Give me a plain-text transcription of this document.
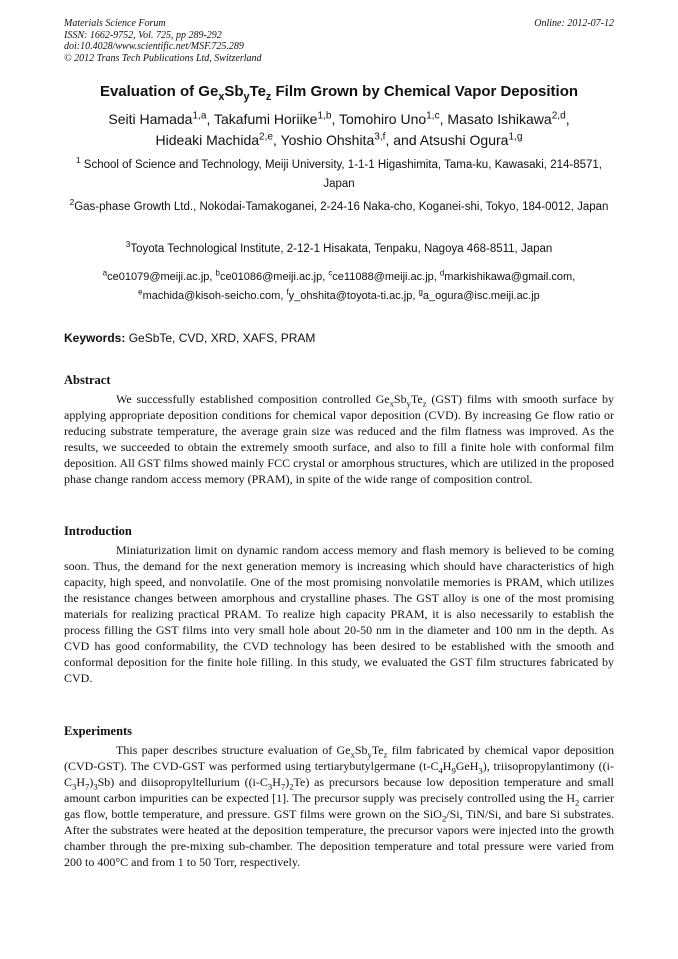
Materials Science Forum
ISSN: 1662-9752, Vol. 725, pp 289-292
doi:10.4028/www.scientific.net/MSF.725.289
© 2012 Trans Tech Publications Ltd, Switzerland
Online: 2012-07-12
Evaluation of $Ge_xSb_yTe_z$ Film Grown by Chemical Vapor Deposition
Seiti Hamada$^{1,a}$, Takafumi Horiike$^{1,b}$, Tomohiro Uno$^{1,c}$, Masato Ishikawa$^{2,d}$,
Hideaki Machida$^{2,e}$, Yoshio Ohshita$^{3,f}$, and Atsushi Ogura$^{1,g}$
$^1$ School of Science and Technology, Meiji University, 1-1-1 Higashimita, Tama-ku, Kawasaki, 214-8571, Japan
$^2$Gas-phase Growth Ltd., Nokodai-Tamakoganei, 2-24-16 Naka-cho, Koganei-shi, Tokyo, 184-0012, Japan
$^3$Toyota Technological Institute, 2-12-1 Hisakata, Tenpaku, Nagoya 468-8511, Japan
$^a$ce01079@meiji.ac.jp, $^b$ce01086@meiji.ac.jp, $^c$ce11088@meiji.ac.jp, $^d$markishikawa@gmail.com,
$^e$machida@kisoh-seicho.com, $^f$y_ohshita@toyota-ti.ac.jp, $^g$a_ogura@isc.meiji.ac.jp
Keywords: GeSbTe, CVD, XRD, XAFS, PRAM
Abstract

We successfully established composition controlled $Ge_xSb_yTe_z$ (GST) films with smooth surface by applying appropriate deposition conditions for chemical vapor deposition (CVD). By increasing Ge flow ratio or reducing substrate temperature, the average grain size was reduced and the film flatness was improved. As the results, we succeeded to obtain the extremely smooth surface, and also to fill a finite hole with conformal film deposition. All GST films showed mainly FCC crystal or amorphous structures, which are utilized in the proposed phase change random access memory (PRAM), in spite of the wide range of composition control.

Introduction

Miniaturization limit on dynamic random access memory and flash memory is believed to be coming soon. Thus, the demand for the next generation memory is increasing which should have characteristics of high capacity, high speed, and nonvolatile. One of the most promising nonvolatile memories is PRAM, which utilizes the resistance changes between amorphous and crystalline phases. The GST alloy is one of the most promising materials for realizing practical PRAM. To realize high capacity PRAM, it is also necessarily to establish the process filling the GST films into very small hole about 20-50 nm in the diameter and 100 nm in the depth. As CVD has good conformability, the CVD technology has been desired to be established with the smooth and conformal deposition for the finite hole filling. In this study, we evaluated the GST film structures fabricated by CVD.

Experiments

This paper describes structure evaluation of $Ge_xSb_yTe_z$ film fabricated by chemical vapor deposition (CVD-GST). The CVD-GST was performed using tertiarybutylgermane $(t-C_4H_9GeH_3)$, triisopropylantimony $((i-C_3H_7)_3Sb)$ and diisopropyltellurium $((i-C_3H_7)_2Te)$ as precursors because low deposition temperature and small amount carbon impurities can be expected [1]. The precursor supply was precisely controlled using the $H_2$ carrier gas flow, bottle temperature, and pressure. GST films were grown on the SiO$_2$/Si, TiN/Si, and bare Si substrates. After the substrates were heated at the deposition temperature, the precursor vapors were injected into the growth chamber through the pre-mixing sub-chamber. The deposition temperature and total pressure were varied from 200 to 400°C and from 1 to 50 Torr, respectively.
